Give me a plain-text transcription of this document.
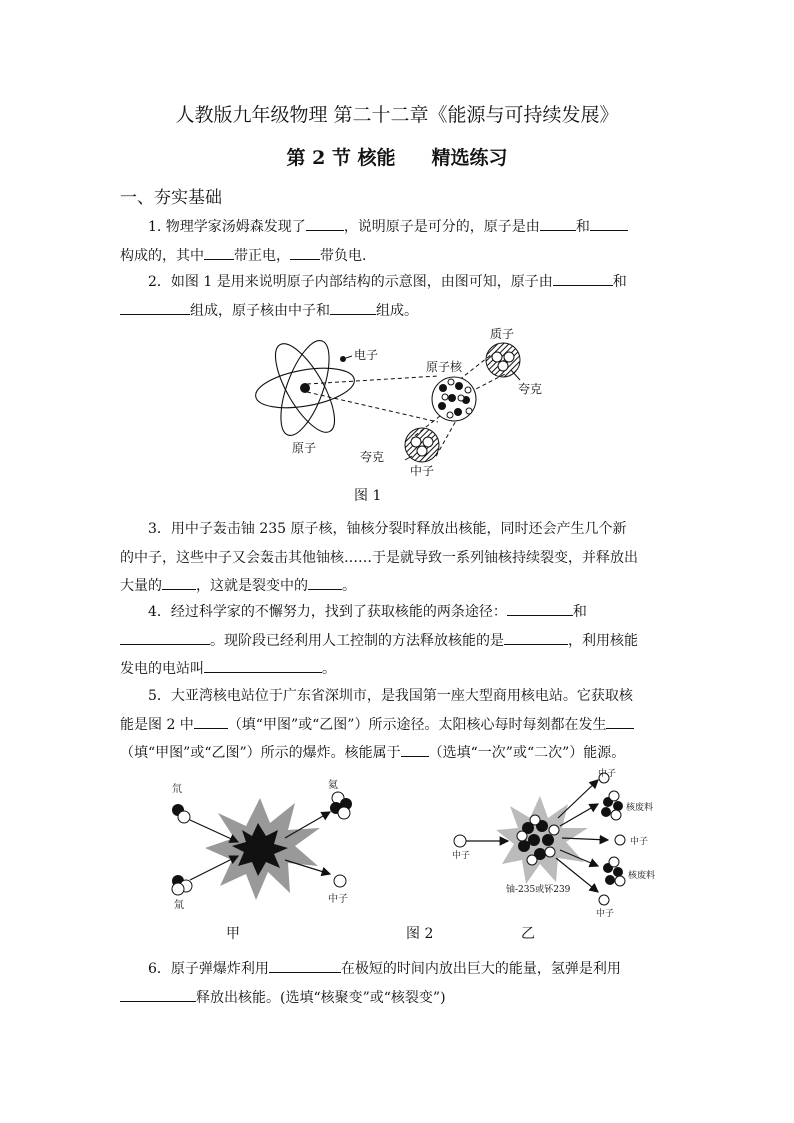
人教版九年级物理 第二十二章《能源与可持续发展》
第 2 节 核能 精选练习
一、夯实基础

1. 物理学家汤姆森发现了	，说明原子是可分的，原子是由	和构成的，其中 带正电， 带负电．

2．如图 1 是用来说明原子内部结构的示意图，由图可知，原子由	和组成，原子核由中子和	组成。

电子
原子核
质子
夸克
原子
夸克
中子
图 1

3．用中子轰击铀 235 原子核，铀核分裂时释放出核能，同时还会产生几个新的中子，这些中子又会轰击其他铀核……于是就导致一系列铀核持续裂变，并释放出大量的 ，这就是裂变中的 。

4．经过科学家的不懈努力，找到了获取核能的两条途径：	和。现阶段已经利用人工控制的方法释放核能的是	，利用核能发电的电站叫	。

5．大亚湾核电站位于广东省深圳市，是我国第一座大型商用核电站。它获取核能是图 2 中 （填“甲图”或“乙图”）所示途径。太阳核心每时每刻都在发生（填“甲图”或“乙图”）所示的爆炸。核能属于 （选填“一次”或“二次”）能源。

氘	氦
氚
中子
中子
核废料
中子
中子
核废料
中子
铀-235或钚239
甲	图 2	乙

6．原子弹爆炸利用	在极短的时间内放出巨大的能量，氢弹是利用释放出核能。(选填“核聚变”或“核裂变”)
